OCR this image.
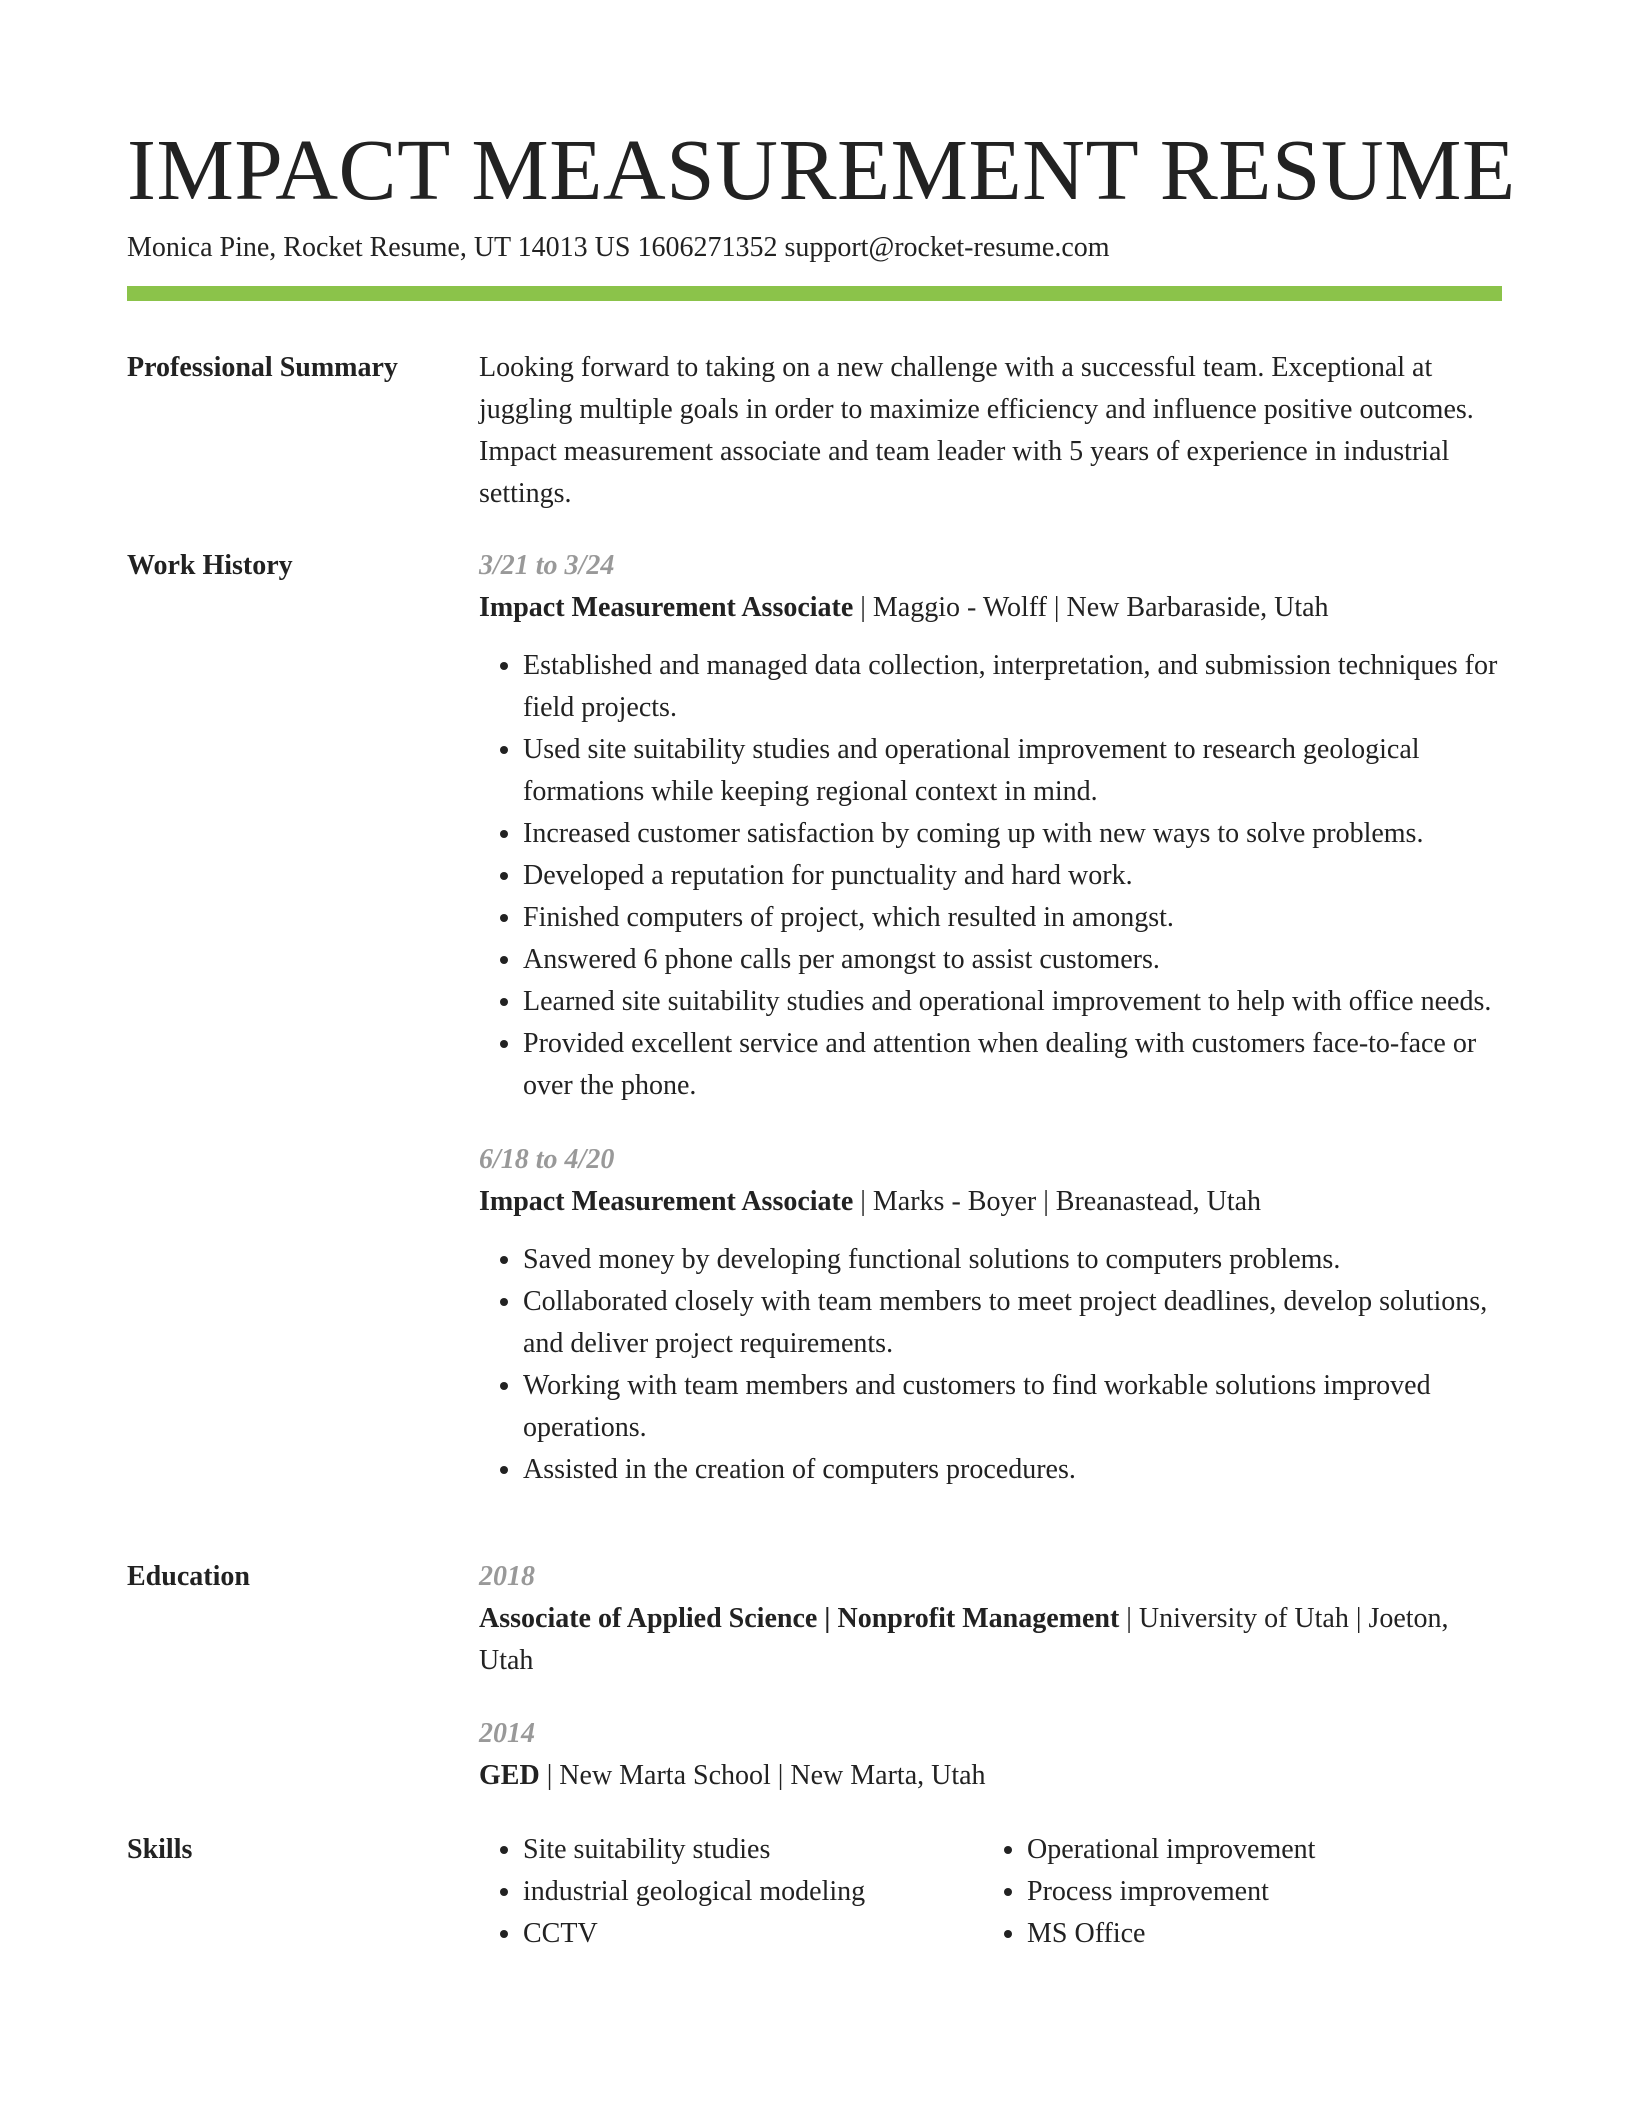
IMPACT MEASUREMENT RESUME
Monica Pine, Rocket Resume, UT 14013 US 1606271352 support@rocket-resume.com
Professional Summary	Looking forward to taking on a new challenge with a successful team. Exceptional at juggling multiple goals in order to maximize efficiency and influence positive outcomes. Impact measurement associate and team leader with 5 years of experience in industrial settings.

Work History	3/21 to 3/24
Impact Measurement Associate | Maggio - Wolff | New Barbaraside, Utah
• Established and managed data collection, interpretation, and submission techniques for field projects.
• Used site suitability studies and operational improvement to research geological formations while keeping regional context in mind.
• Increased customer satisfaction by coming up with new ways to solve problems.
• Developed a reputation for punctuality and hard work.
• Finished computers of project, which resulted in amongst.
• Answered 6 phone calls per amongst to assist customers.
• Learned site suitability studies and operational improvement to help with office needs.
• Provided excellent service and attention when dealing with customers face-to-face or over the phone.
6/18 to 4/20
Impact Measurement Associate | Marks - Boyer | Breanastead, Utah
• Saved money by developing functional solutions to computers problems.
• Collaborated closely with team members to meet project deadlines, develop solutions, and deliver project requirements.
• Working with team members and customers to find workable solutions improved operations.
• Assisted in the creation of computers procedures.
Education	2018
Associate of Applied Science | Nonprofit Management | University of Utah | Joeton, Utah
2014
GED | New Marta School | New Marta, Utah
Skills
•	Site suitability studies
• industrial geological modeling
• CCTV
• Operational improvement
• Process improvement
• MS Office
